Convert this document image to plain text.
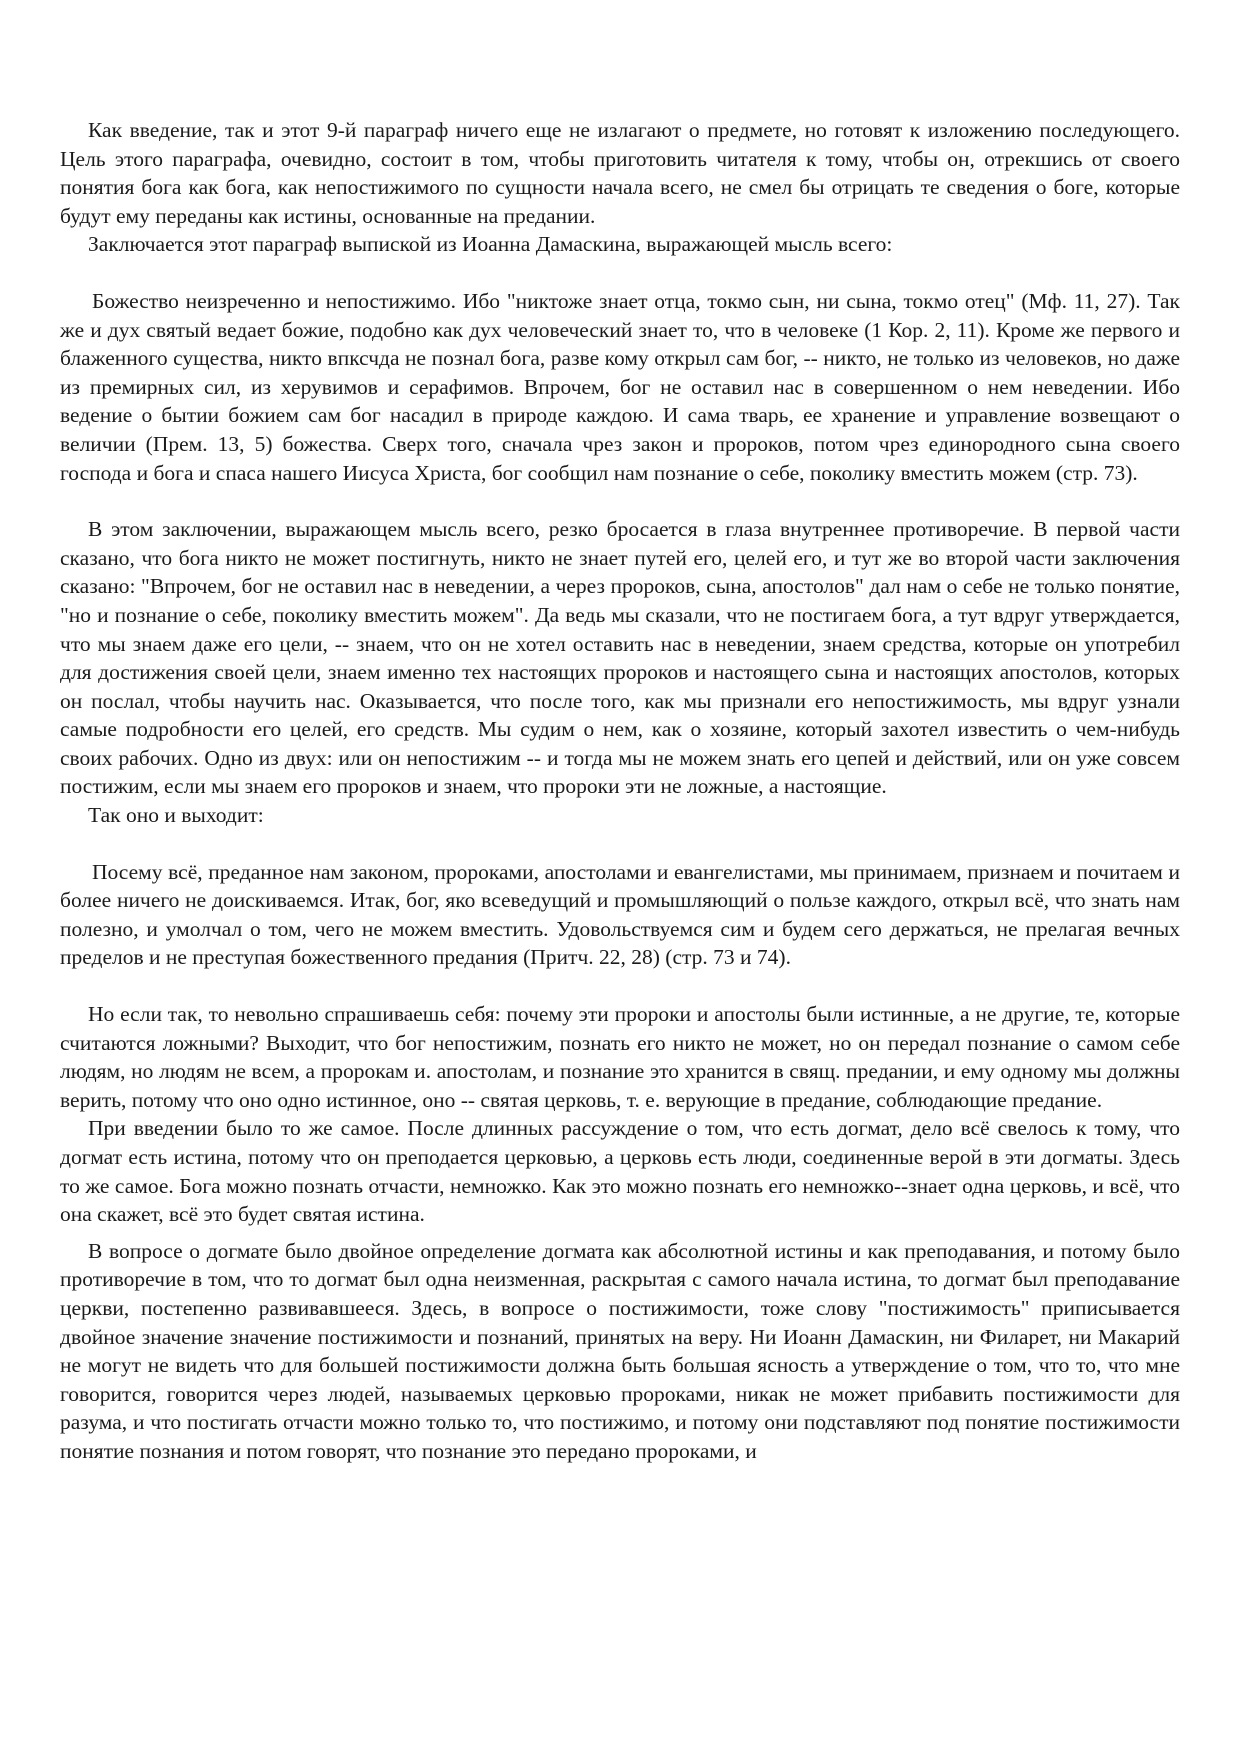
Как введение, так и этот 9-й параграф ничего еще не излагают о предмете, но готовят к изложению последующего. Цель этого параграфа, очевидно, состоит в том, чтобы приготовить читателя к тому, чтобы он, отрекшись от своего понятия бога как бога, как непостижимого по сущности начала всего, не смел бы отрицать те сведения о боге, которые будут ему переданы как истины, основанные на предании.

Заключается этот параграф выпиской из Иоанна Дамаскина, выражающей мысль всего:

Божество неизреченно и непостижимо. Ибо "никтоже знает отца, токмо сын, ни сына, токмо отец" (Мф. 11, 27). Так же и дух святый ведает божие, подобно как дух человеческий знает то, что в человеке (1 Кор. 2, 11). Кроме же первого и блаженного существа, никто впксчда не познал бога, разве кому открыл сам бог, -- никто, не только из человеков, но даже из премирных сил, из херувимов и серафимов. Впрочем, бог не оставил нас в совершенном о нем неведении. Ибо ведение о бытии божием сам бог насадил в природе каждою. И сама тварь, ее хранение и управление возвещают о величии (Прем. 13, 5) божества. Сверх того, сначала чрез закон и пророков, потом чрез единородного сына своего господа и бога и спаса нашего Иисуса Христа, бог сообщил нам познание о себе, поколику вместить можем (стр. 73).

В этом заключении, выражающем мысль всего, резко бросается в глаза внутреннее противоречие. В первой части сказано, что бога никто не может постигнуть, никто не знает путей его, целей его, и тут же во второй части заключения сказано: "Впрочем, бог не оставил нас в неведении, а через пророков, сына, апостолов" дал нам о себе не только понятие, "но и познание о себе, поколику вместить можем". Да ведь мы сказали, что не постигаем бога, а тут вдруг утверждается, что мы знаем даже его цели, -- знаем, что он не хотел оставить нас в неведении, знаем средства, которые он употребил для достижения своей цели, знаем именно тех настоящих пророков и настоящего сына и настоящих апостолов, которых он послал, чтобы научить нас. Оказывается, что после того, как мы признали его непостижимость, мы вдруг узнали самые подробности его целей, его средств. Мы судим о нем, как о хозяине, который захотел известить о чем-нибудь своих рабочих. Одно из двух: или он непостижим -- и тогда мы не можем знать его цепей и действий, или он уже совсем постижим, если мы знаем его пророков и знаем, что пророки эти не ложные, а настоящие.

Так оно и выходит:

Посему всё, преданное нам законом, пророками, апостолами и евангелистами, мы принимаем, признаем и почитаем и более ничего не доискиваемся. Итак, бог, яко всеведущий и промышляющий о пользе каждого, открыл всё, что знать нам полезно, и умолчал о том, чего не можем вместить. Удовольствуемся сим и будем сего держаться, не прелагая вечных пределов и не преступая божественного предания (Притч. 22, 28) (стр. 73 и 74).

Но если так, то невольно спрашиваешь себя: почему эти пророки и апостолы были истинные, а не другие, те, которые считаются ложными? Выходит, что бог непостижим, познать его никто не может, но он передал познание о самом себе людям, но людям не всем, а пророкам и. апостолам, и познание это хранится в свящ. предании, и ему одному мы должны верить, потому что оно одно истинное, оно -- святая церковь, т. е. верующие в предание, соблюдающие предание.

При введении было то же самое. После длинных рассуждение о том, что есть догмат, дело всё свелось к тому, что догмат есть истина, потому что он преподается церковью, а церковь есть люди, соединенные верой в эти догматы. Здесь то же самое. Бога можно познать отчасти, немножко. Как это можно познать его немножко--знает одна церковь, и всё, что она скажет, всё это будет святая истина.

В вопросе о догмате было двойное определение догмата как абсолютной истины и как преподавания, и потому было противоречие в том, что то догмат был одна неизменная, раскрытая с самого начала истина, то догмат был преподавание церкви, постепенно развивавшееся. Здесь, в вопросе о постижимости, тоже слову "постижимость" приписывается двойное значение значение постижимости и познаний, принятых на веру. Ни Иоанн Дамаскин, ни Филарет, ни Макарий не могут не видеть что для большей постижимости должна быть большая ясность а утверждение о том, что то, что мне говорится, говорится через людей, называемых церковью пророками, никак не может прибавить постижимости для разума, и что постигать отчасти можно только то, что постижимо, и потому они подставляют под понятие постижимости понятие познания и потом говорят, что познание это передано пророками, и
